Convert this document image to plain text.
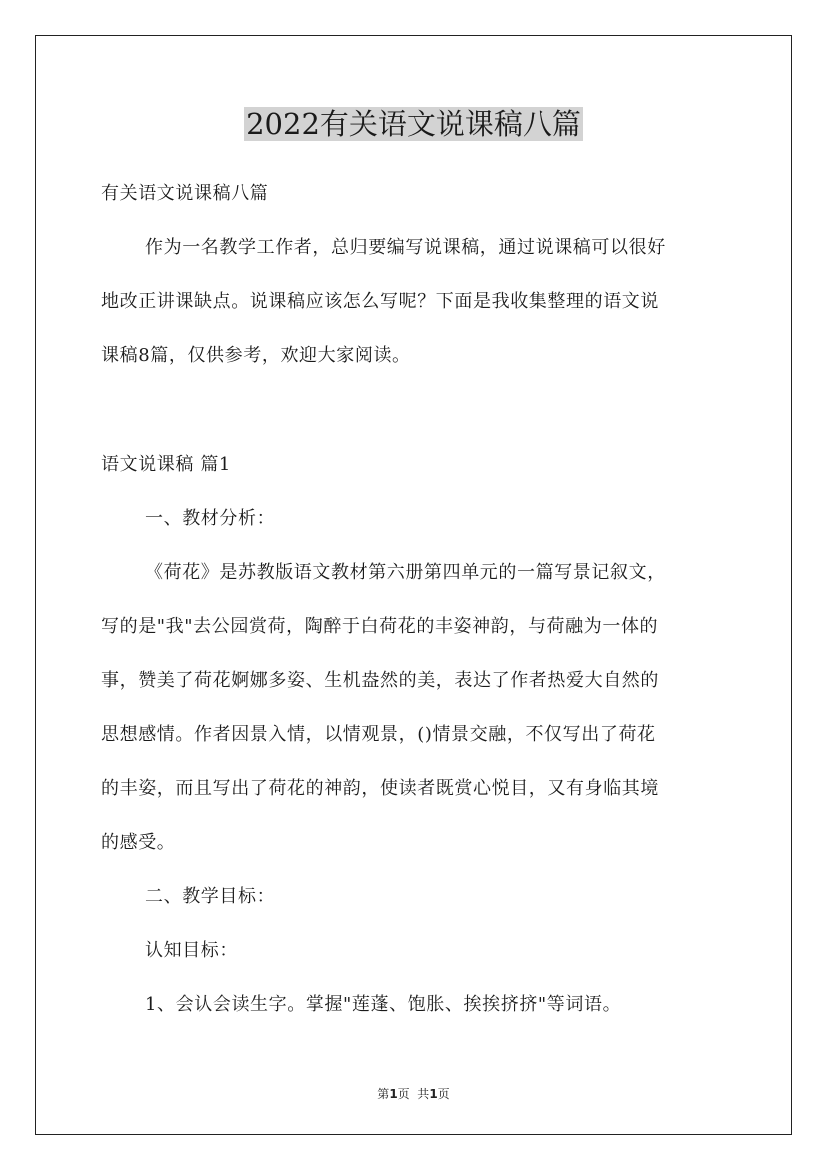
2022有关语文说课稿八篇
有关语文说课稿八篇
作为一名教学工作者，总归要编写说课稿，通过说课稿可以很好
地改正讲课缺点。说课稿应该怎么写呢？下面是我收集整理的语文说
课稿8篇，仅供参考，欢迎大家阅读。
语文说课稿 篇1
一、教材分析：
《荷花》是苏教版语文教材第六册第四单元的一篇写景记叙文，
写的是"我"去公园赏荷，陶醉于白荷花的丰姿神韵，与荷融为一体的
事，赞美了荷花婀娜多姿、生机盎然的美，表达了作者热爱大自然的
思想感情。作者因景入情，以情观景，()情景交融，不仅写出了荷花
的丰姿，而且写出了荷花的神韵，使读者既赏心悦目，又有身临其境
的感受。
二、教学目标：
认知目标：
1、会认会读生字。掌握"莲蓬、饱胀、挨挨挤挤"等词语。
第1页  共1页
